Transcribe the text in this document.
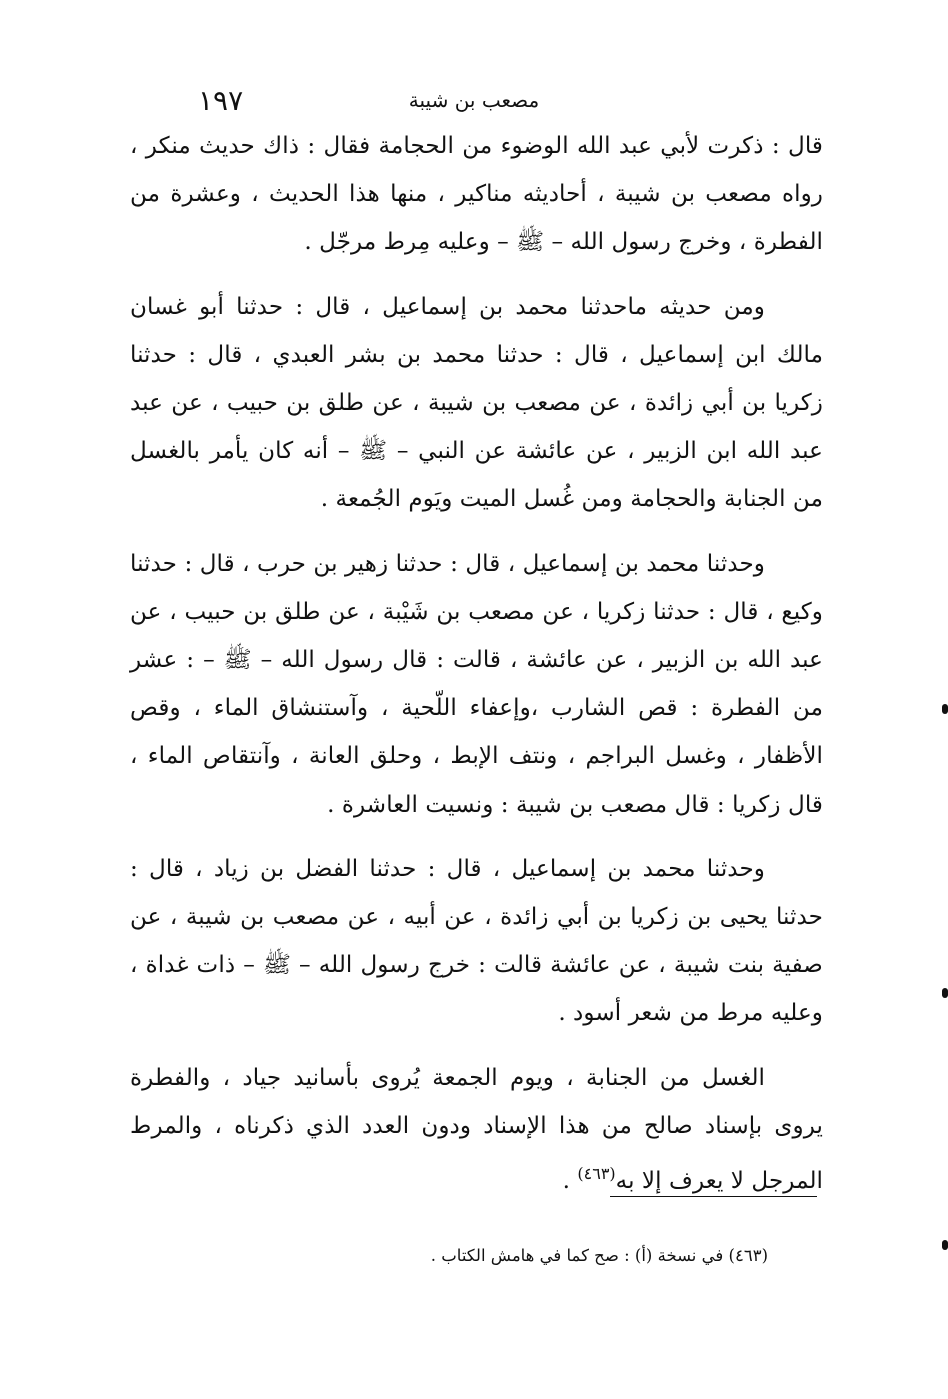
١٩٧	مصعب بن شيبة

قال : ذكرت لأبي عبد الله الوضوء من الحجامة فقال : ذاك حديث منكر ، رواه مصعب بن شيبة ، أحاديثه مناكير ، منها هذا الحديث ، وعشرة من الفطرة ، وخرج رسول الله – ﷺ – وعليه مِرط مرجّل .

ومن حديثه ماحدثنا محمد بن إسماعيل ، قال : حدثنا أبو غسان مالك ابن إسماعيل ، قال : حدثنا محمد بن بشر العبدي ، قال : حدثنا زكريا بن أبي زائدة ، عن مصعب بن شيبة ، عن طلق بن حبيب ، عن عبد عبد الله ابن الزبير ، عن عائشة عن النبي – ﷺ – أنه كان يأمر بالغسل من الجنابة والحجامة ومن غُسل الميت ويَوم الجُمعة .

وحدثنا محمد بن إسماعيل ، قال : حدثنا زهير بن حرب ، قال : حدثنا وكيع ، قال : حدثنا زكريا ، عن مصعب بن شَيْبة ، عن طلق بن حبيب ، عن عبد الله بن الزبير ، عن عائشة ، قالت : قال رسول الله – ﷺ – : عشر من الفطرة : قص الشارب ،وإعفاء اللّحية ، وآستنشاق الماء ، وقص الأظفار ، وغسل البراجم ، ونتف الإبط ، وحلق العانة ، وآنتقاص الماء ، قال زكريا : قال مصعب بن شيبة : ونسيت العاشرة .

وحدثنا محمد بن إسماعيل ، قال : حدثنا الفضل بن زياد ، قال : حدثنا يحيى بن زكريا بن أبي زائدة ، عن أبيه ، عن مصعب بن شيبة ، عن صفية بنت شيبة ، عن عائشة قالت : خرج رسول الله – ﷺ – ذات غداة ، وعليه مرط من شعر أسود .

الغسل من الجنابة ، ويوم الجمعة يُروى بأسانيد جياد ، والفطرة يروى بإسناد صالح من هذا الإسناد ودون العدد الذي ذكرناه ، والمرط المرجل لا يعرف إلا به$^{(٤٦٣)}$ .

(٤٦٣) في نسخة (أ) : صح كما في هامش الكتاب .
